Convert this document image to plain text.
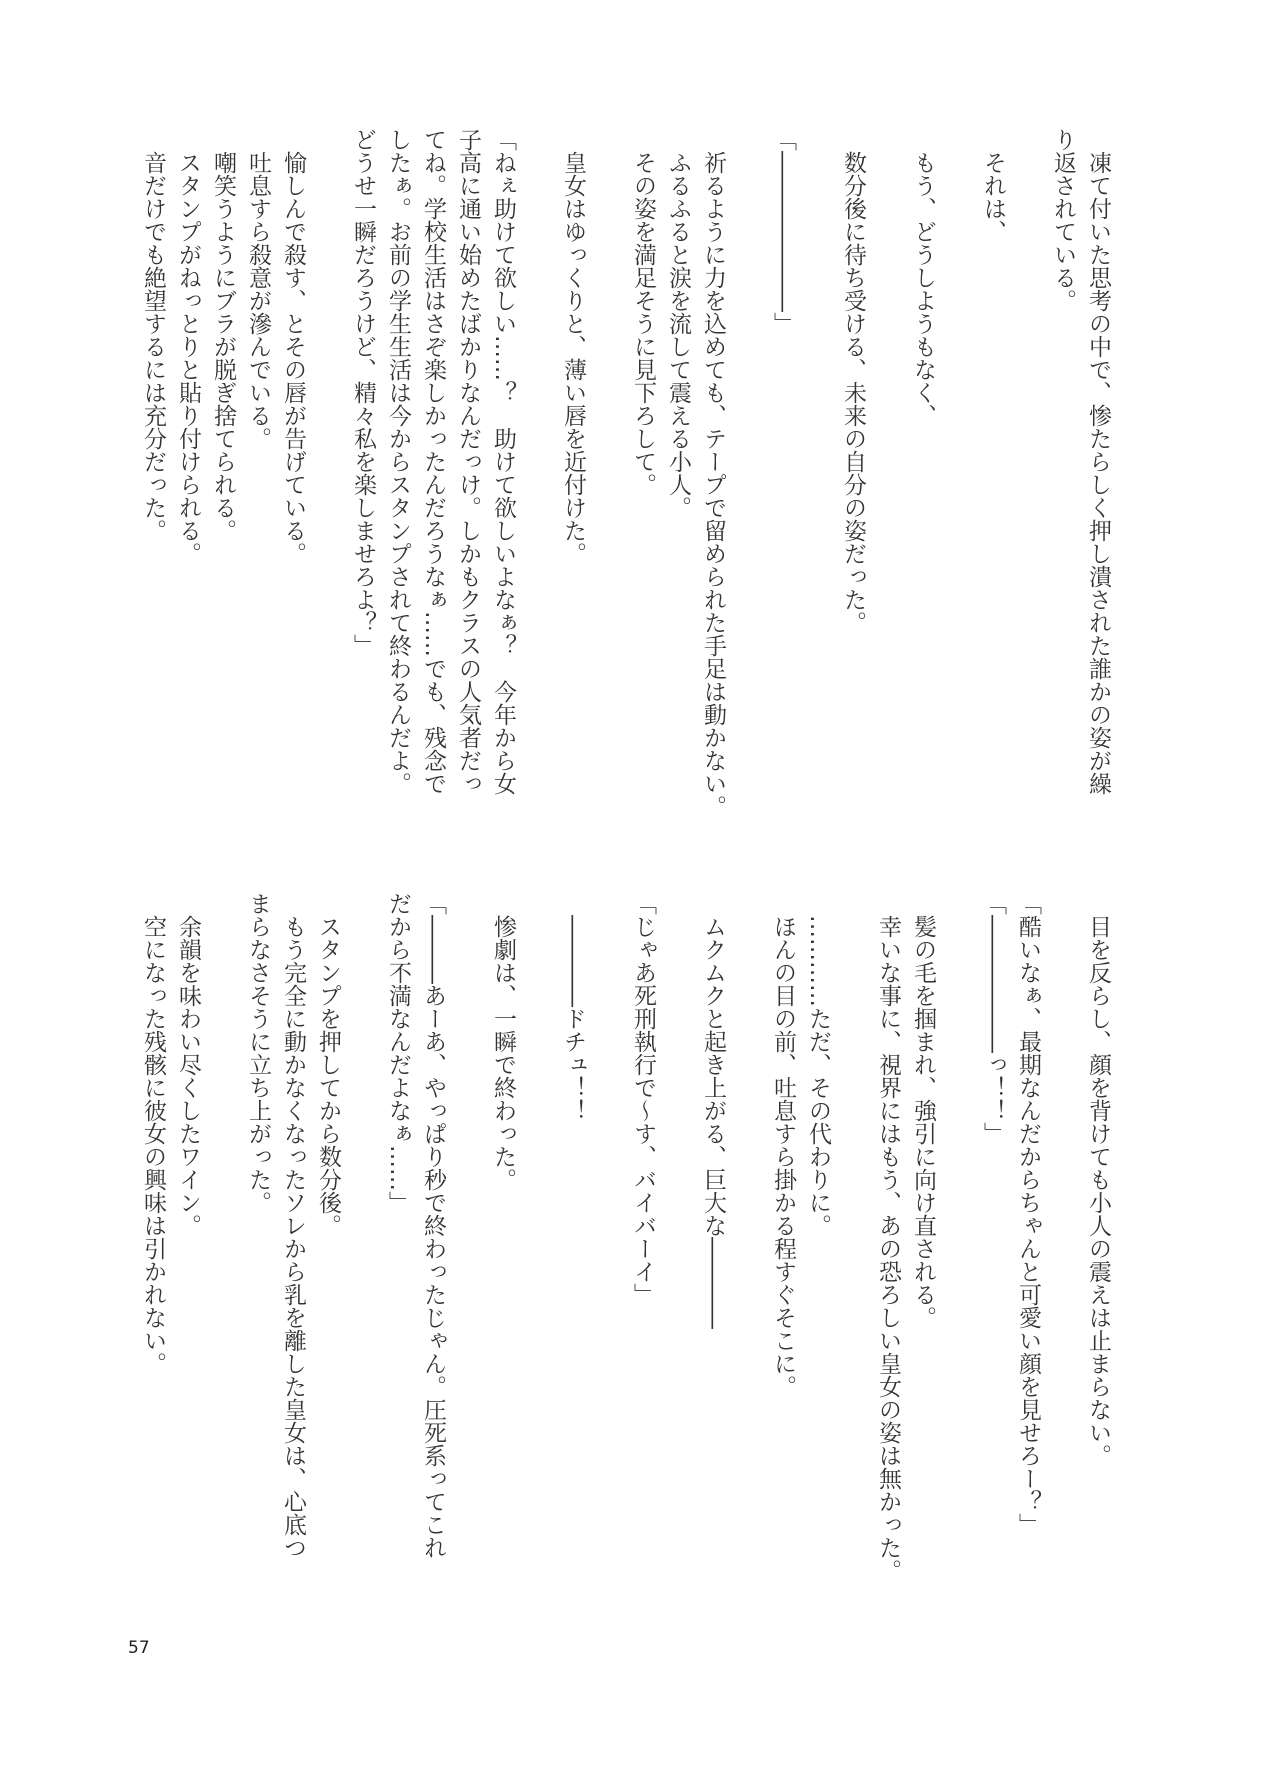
　凍て付いた思考の中で、惨たらしく押し潰された誰かの姿が繰
り返されている。
　それは、
　もう、どうしようもなく、
　数分後に待ち受ける、未来の自分の姿だった。
「―――――――」
　祈るように力を込めても、テープで留められた手足は動かない。
　ふるふると涙を流して震える小人。
　その姿を満足そうに見下ろして。
　皇女はゆっくりと、薄い唇を近付けた。
「ねぇ助けて欲しい……？　助けて欲しいよなぁ？　今年から女
子高に通い始めたばかりなんだっけ。しかもクラスの人気者だっ
てね。学校生活はさぞ楽しかったんだろうなぁ……でも、残念で
したぁ。お前の学生生活は今からスタンプされて終わるんだよ。
どうせ一瞬だろうけど、精々私を楽しませろよ？」
　愉しんで殺す、とその唇が告げている。
　吐息すら殺意が滲んでいる。
　嘲笑うようにブラが脱ぎ捨てられる。
　スタンプがねっとりと貼り付けられる。
　音だけでも絶望するには充分だった。
　目を反らし、顔を背けても小人の震えは止まらない。
「酷いなぁ、最期なんだからちゃんと可愛い顔を見せろー？」
「――――――っ！！」
　髪の毛を掴まれ、強引に向け直される。
　幸いな事に、視界にはもう、あの恐ろしい皇女の姿は無かった。
　…………ただ、その代わりに。
　ほんの目の前、吐息すら掛かる程すぐそこに。
　ムクムクと起き上がる、巨大な――――
「じゃあ死刑執行で～す、バイバーイ」
　――――ドチュ！！
　惨劇は、一瞬で終わった。
「―――あーあ、やっぱり秒で終わったじゃん。圧死系ってこれ
だから不満なんだよなぁ……」
　スタンプを押してから数分後。
　もう完全に動かなくなったソレから乳を離した皇女は、心底つ
まらなさそうに立ち上がった。
　余韻を味わい尽くしたワイン。
　空になった残骸に彼女の興味は引かれない。
57
